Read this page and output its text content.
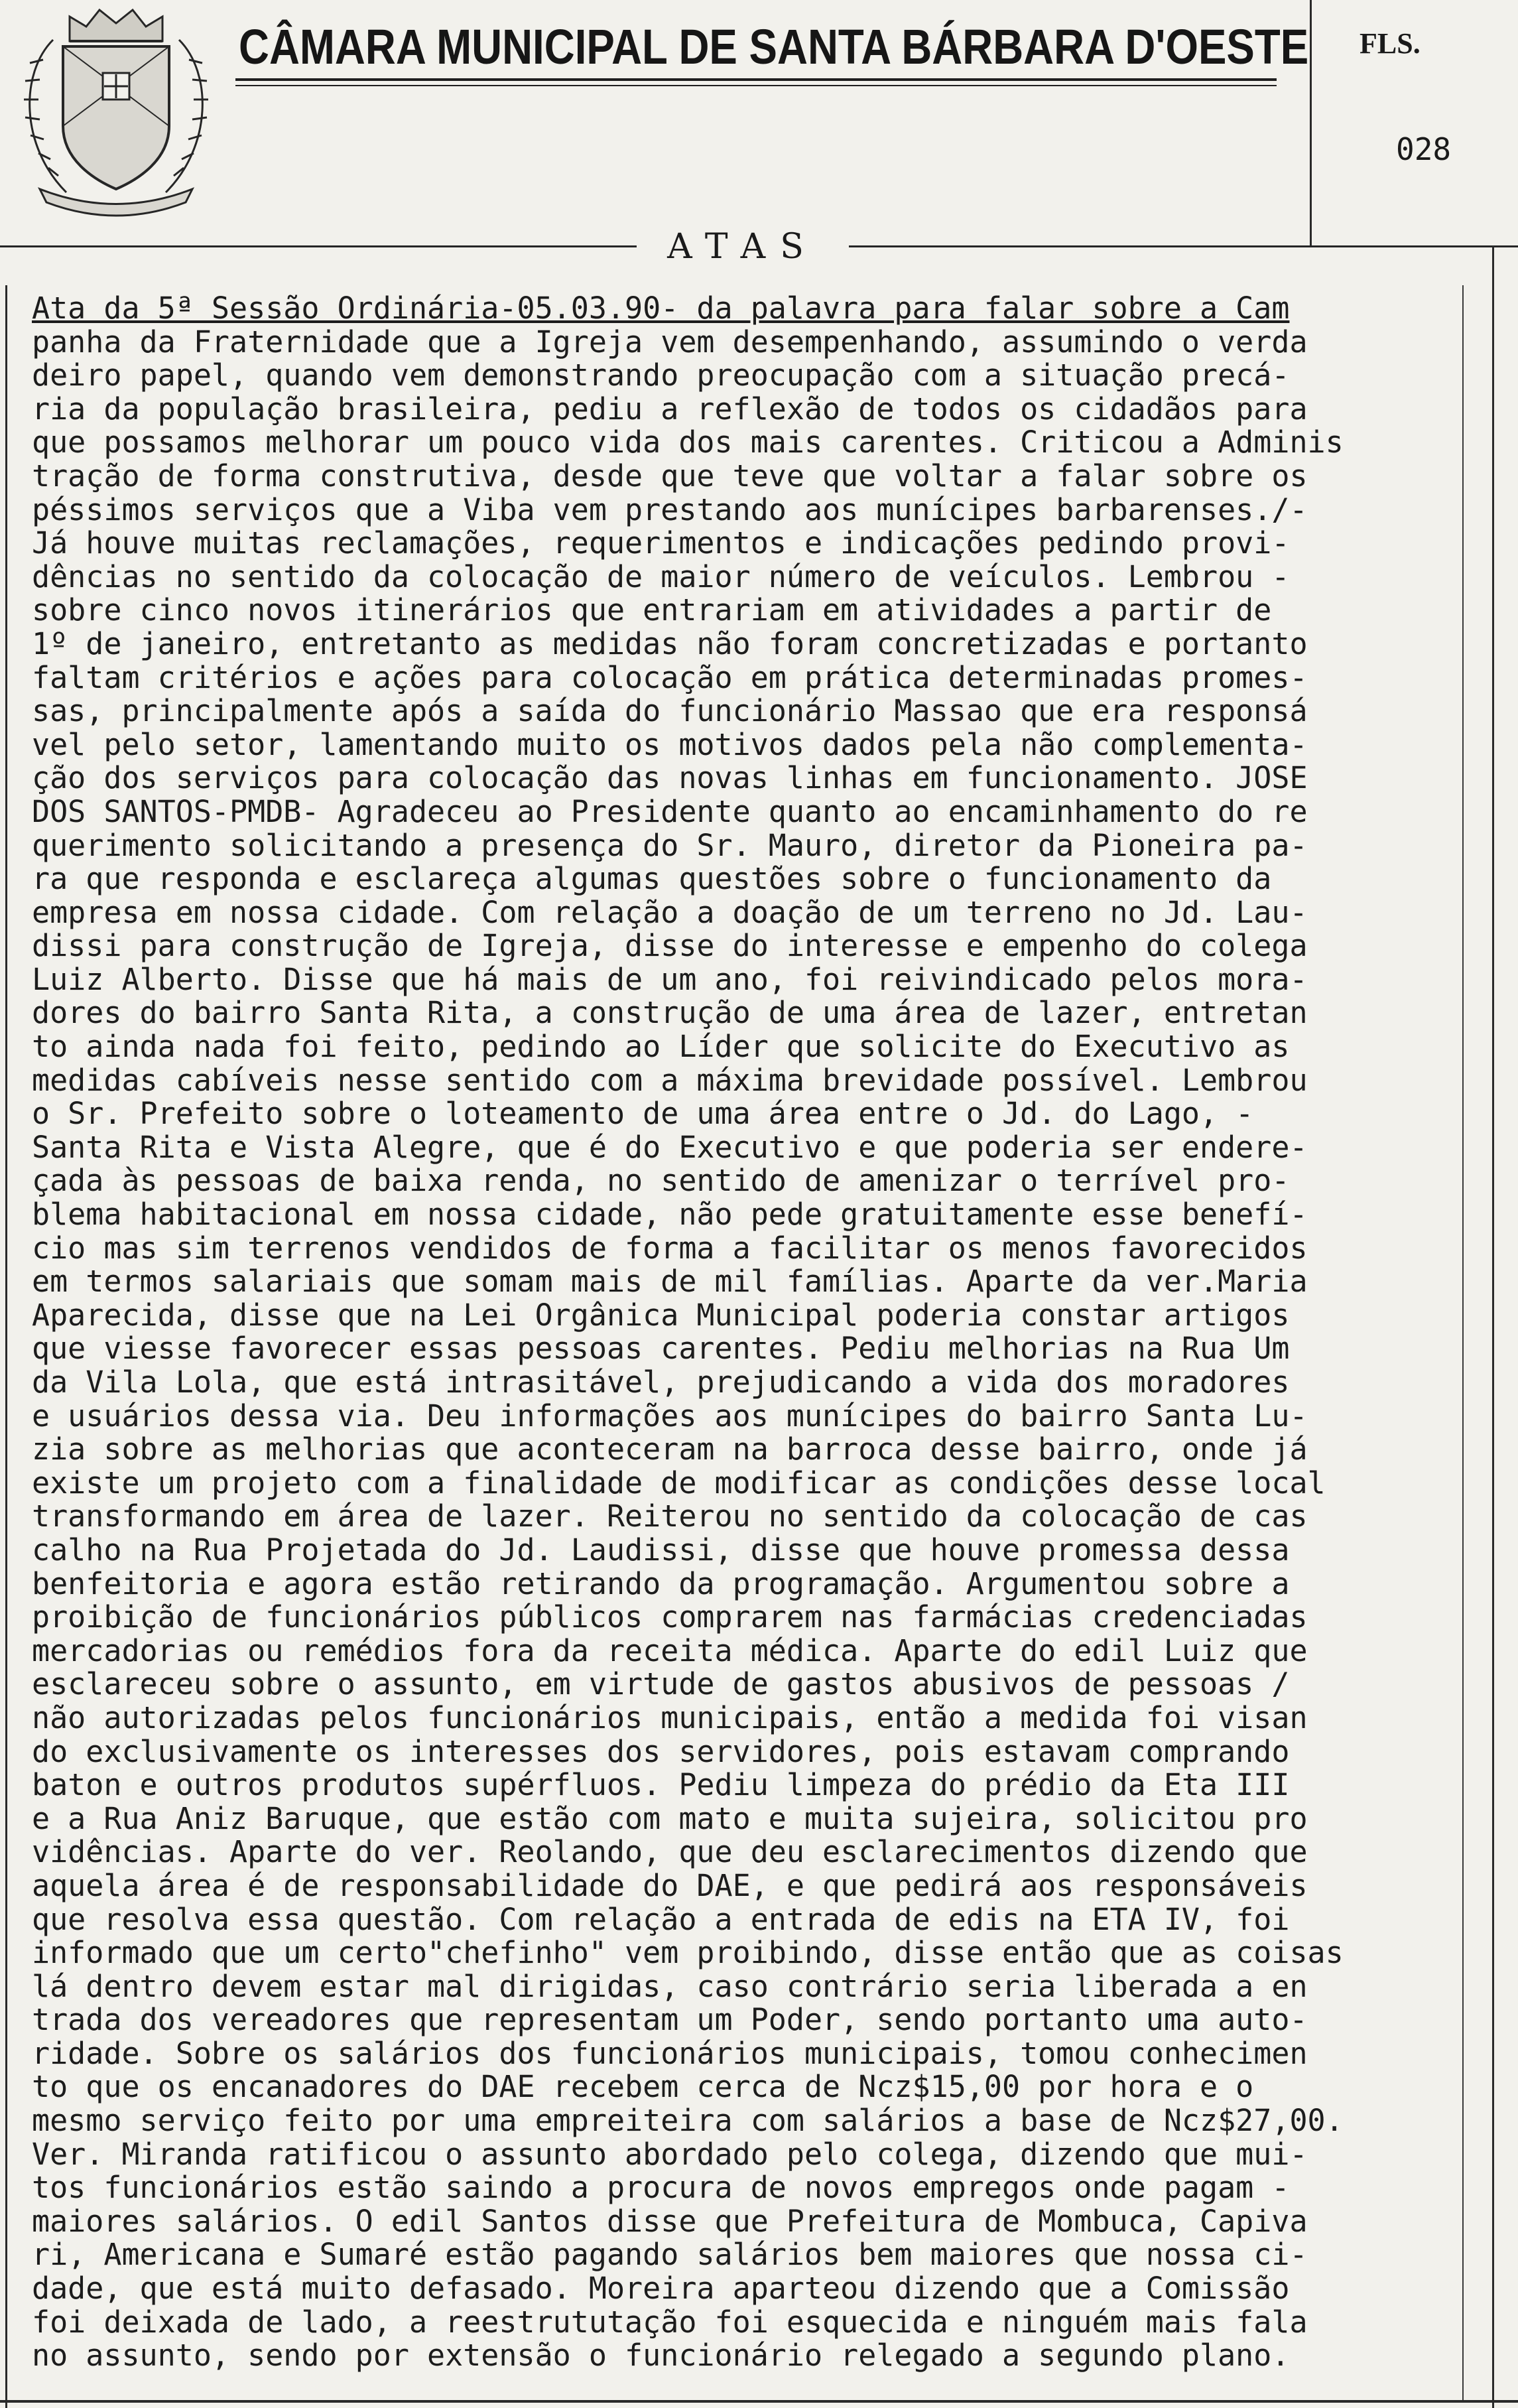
CÂMARA MUNICIPAL DE SANTA BÁRBARA D'OESTE FLS.
028
ATAS
Ata da 5ª Sessão Ordinária-05.03.90- da palavra para falar sobre a Cam
panha da Fraternidade que a Igreja vem desempenhando, assumindo o verda
deiro papel, quando vem demonstrando preocupação com a situação precá-
ria da população brasileira, pediu a reflexão de todos os cidadãos para
que possamos melhorar um pouco vida dos mais carentes. Criticou a Adminis
tração de forma construtiva, desde que teve que voltar a falar sobre os
péssimos serviços que a Viba vem prestando aos munícipes barbarenses./-
Já houve muitas reclamações, requerimentos e indicações pedindo provi-
dências no sentido da colocação de maior número de veículos. Lembrou -
sobre cinco novos itinerários que entrariam em atividades a partir de
1º de janeiro, entretanto as medidas não foram concretizadas e portanto
faltam critérios e ações para colocação em prática determinadas promes-
sas, principalmente após a saída do funcionário Massao que era responsá
vel pelo setor, lamentando muito os motivos dados pela não complementa-
ção dos serviços para colocação das novas linhas em funcionamento. JOSE
DOS SANTOS-PMDB- Agradeceu ao Presidente quanto ao encaminhamento do re
querimento solicitando a presença do Sr. Mauro, diretor da Pioneira pa-
ra que responda e esclareça algumas questões sobre o funcionamento da
empresa em nossa cidade. Com relação a doação de um terreno no Jd. Lau-
dissi para construção de Igreja, disse do interesse e empenho do colega
Luiz Alberto. Disse que há mais de um ano, foi reivindicado pelos mora-
dores do bairro Santa Rita, a construção de uma área de lazer, entretan
to ainda nada foi feito, pedindo ao Líder que solicite do Executivo as
medidas cabíveis nesse sentido com a máxima brevidade possível. Lembrou
o Sr. Prefeito sobre o loteamento de uma área entre o Jd. do Lago, -
Santa Rita e Vista Alegre, que é do Executivo e que poderia ser endere-
çada às pessoas de baixa renda, no sentido de amenizar o terrível pro-
blema habitacional em nossa cidade, não pede gratuitamente esse benefí-
cio mas sim terrenos vendidos de forma a facilitar os menos favorecidos
em termos salariais que somam mais de mil famílias. Aparte da ver.Maria
Aparecida, disse que na Lei Orgânica Municipal poderia constar artigos
que viesse favorecer essas pessoas carentes. Pediu melhorias na Rua Um
da Vila Lola, que está intrasitável, prejudicando a vida dos moradores
e usuários dessa via. Deu informações aos munícipes do bairro Santa Lu-
zia sobre as melhorias que aconteceram na barroca desse bairro, onde já
existe um projeto com a finalidade de modificar as condições desse local
transformando em área de lazer. Reiterou no sentido da colocação de cas
calho na Rua Projetada do Jd. Laudissi, disse que houve promessa dessa
benfeitoria e agora estão retirando da programação. Argumentou sobre a
proibição de funcionários públicos comprarem nas farmácias credenciadas
mercadorias ou remédios fora da receita médica. Aparte do edil Luiz que
esclareceu sobre o assunto, em virtude de gastos abusivos de pessoas /
não autorizadas pelos funcionários municipais, então a medida foi visan
do exclusivamente os interesses dos servidores, pois estavam comprando
baton e outros produtos supérfluos. Pediu limpeza do prédio da Eta III
e a Rua Aniz Baruque, que estão com mato e muita sujeira, solicitou pro
vidências. Aparte do ver. Reolando, que deu esclarecimentos dizendo que
aquela área é de responsabilidade do DAE, e que pedirá aos responsáveis
que resolva essa questão. Com relação a entrada de edis na ETA IV, foi
informado que um certo"chefinho" vem proibindo, disse então que as coisas
lá dentro devem estar mal dirigidas, caso contrário seria liberada a en
trada dos vereadores que representam um Poder, sendo portanto uma auto-
ridade. Sobre os salários dos funcionários municipais, tomou conhecimen
to que os encanadores do DAE recebem cerca de Ncz$15,00 por hora e o
mesmo serviço feito por uma empreiteira com salários a base de Ncz$27,00.
Ver. Miranda ratificou o assunto abordado pelo colega, dizendo que mui-
tos funcionários estão saindo a procura de novos empregos onde pagam -
maiores salários. O edil Santos disse que Prefeitura de Mombuca, Capiva
ri, Americana e Sumaré estão pagando salários bem maiores que nossa ci-
dade, que está muito defasado. Moreira aparteou dizendo que a Comissão
foi deixada de lado, a reestrututação foi esquecida e ninguém mais fala
no assunto, sendo por extensão o funcionário relegado a segundo plano.
